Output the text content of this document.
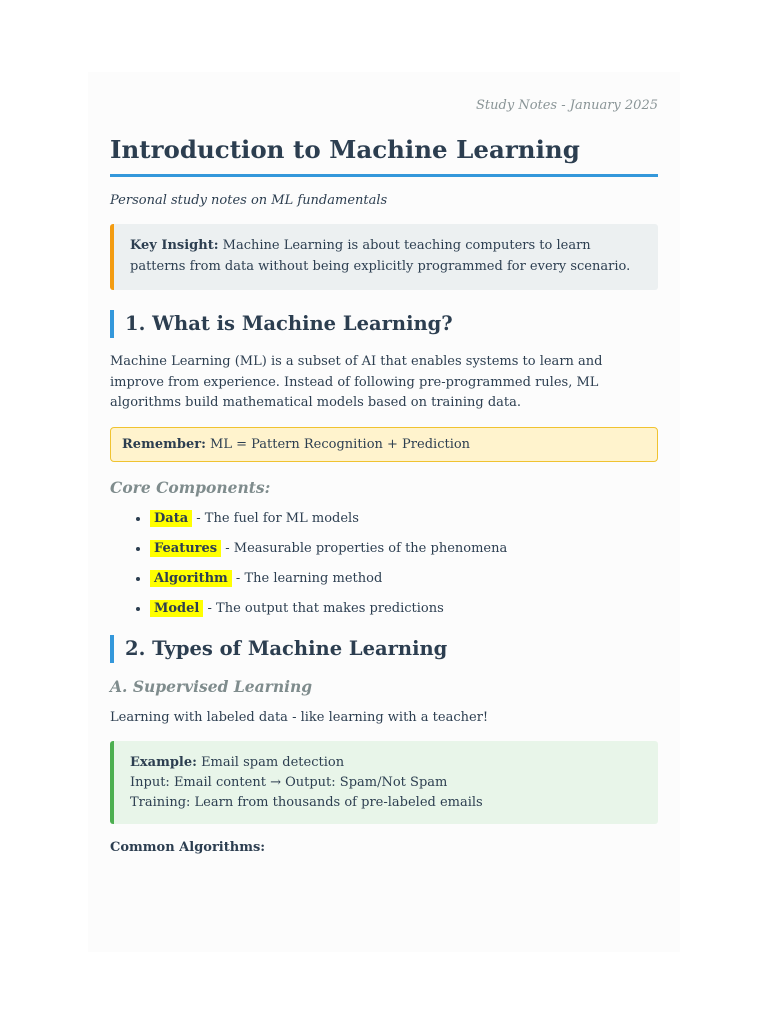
Study Notes - January 2025

Introduction to Machine Learning

Personal study notes on ML fundamentals

Key Insight: Machine Learning is about teaching computers to learn patterns from data without being explicitly programmed for every scenario.
1. What is Machine Learning?

Machine Learning (ML) is a subset of AI that enables systems to learn and improve from experience. Instead of following pre-programmed rules, ML algorithms build mathematical models based on training data.

Remember: ML = Pattern Recognition + Prediction
Core Components:
• Data - The fuel for ML models
• Features - Measurable properties of the phenomena
• Algorithm - The learning method
• Model - The output that makes predictions
2. Types of Machine Learning
A. Supervised Learning

Learning with labeled data - like learning with a teacher!

Example: Email spam detection
Input: Email content → Output: Spam/Not Spam
Training: Learn from thousands of pre-labeled emails

Common Algorithms:
